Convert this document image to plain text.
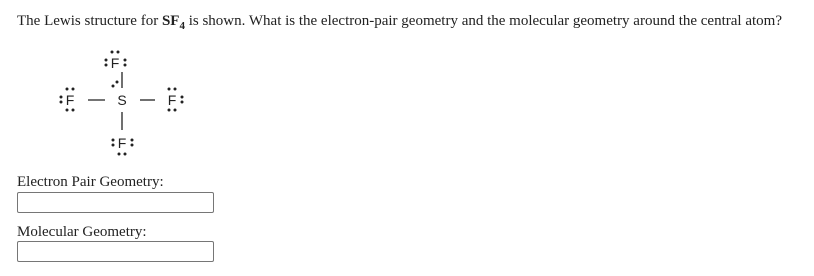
The Lewis structure for $SF_4$ is shown. What is the electron-pair geometry and the molecular geometry around the central atom?
F
F	S	F
F
Electron Pair Geometry:
Molecular Geometry:
